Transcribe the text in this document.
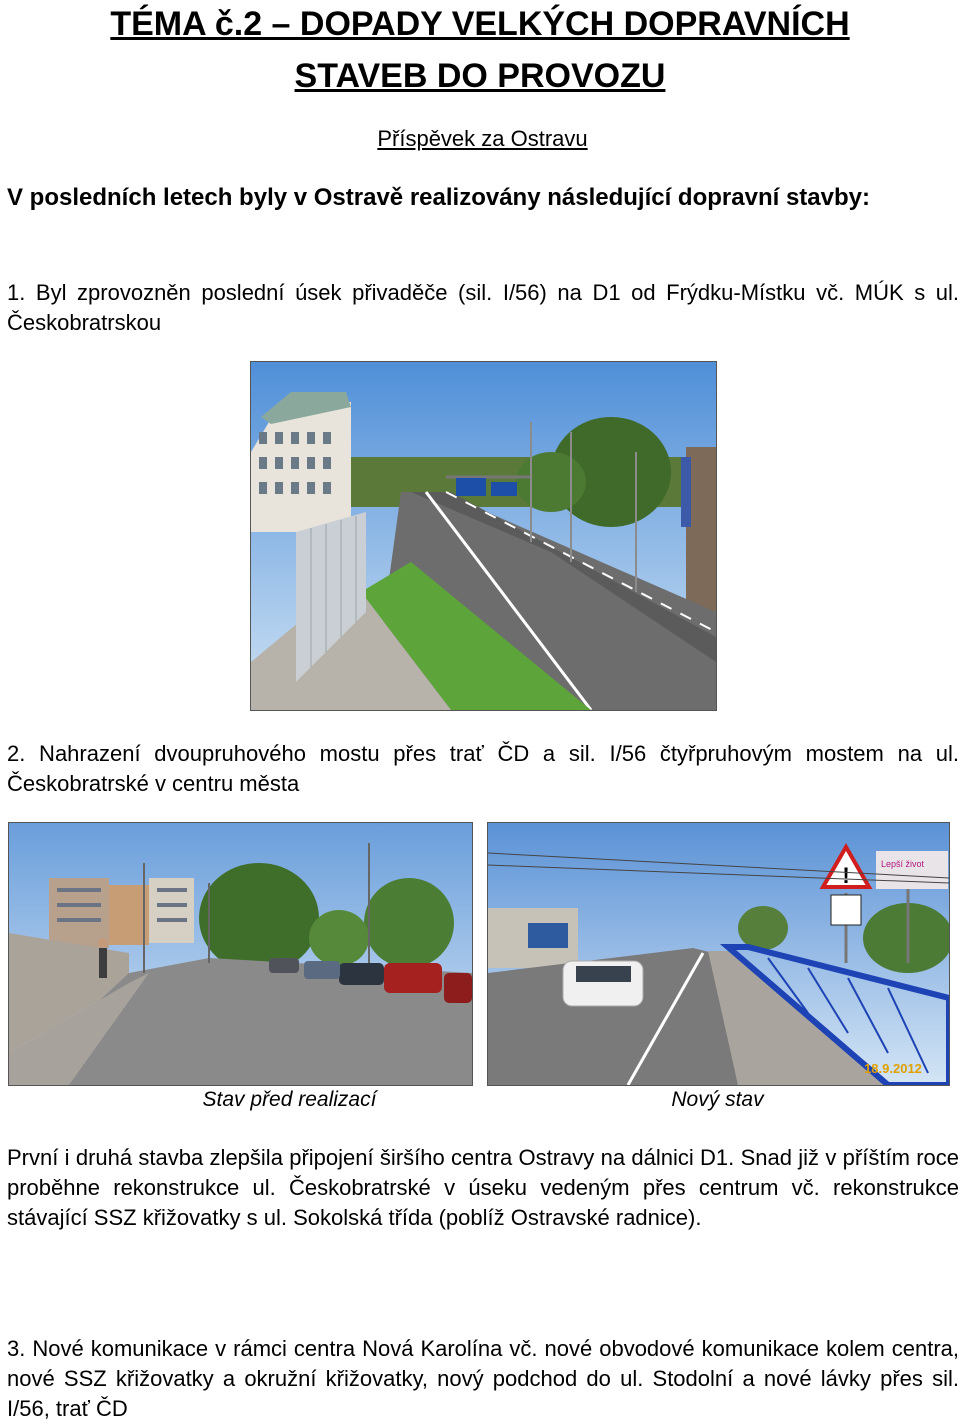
TÉMA č.2 – DOPADY VELKÝCH DOPRAVNÍCH
STAVEB DO PROVOZU
Příspěvek za Ostravu
V posledních letech byly v Ostravě realizovány následující dopravní stavby:
1. Byl zprovozněn poslední úsek přivaděče (sil. I/56) na D1 od Frýdku-Místku vč. MÚK s ul. Českobratrskou
2. Nahrazení dvoupruhového mostu přes trať ČD a sil. I/56 čtyřpruhovým mostem na ul. Českobratrské v centru města
!	Lepší život
18.9.2012
Stav před realizací	Nový stav
První i druhá stavba zlepšila připojení širšího centra Ostravy na dálnici D1. Snad již v příštím roce proběhne rekonstrukce ul. Českobratrské v úseku vedeným přes centrum vč. rekonstrukce stávající SSZ křižovatky s ul. Sokolská třída (poblíž Ostravské radnice).
3. Nové komunikace v rámci centra Nová Karolína vč. nové obvodové komunikace kolem centra, nové SSZ křižovatky a okružní křižovatky, nový podchod do ul. Stodolní a nové lávky přes sil. I/56, trať ČD
